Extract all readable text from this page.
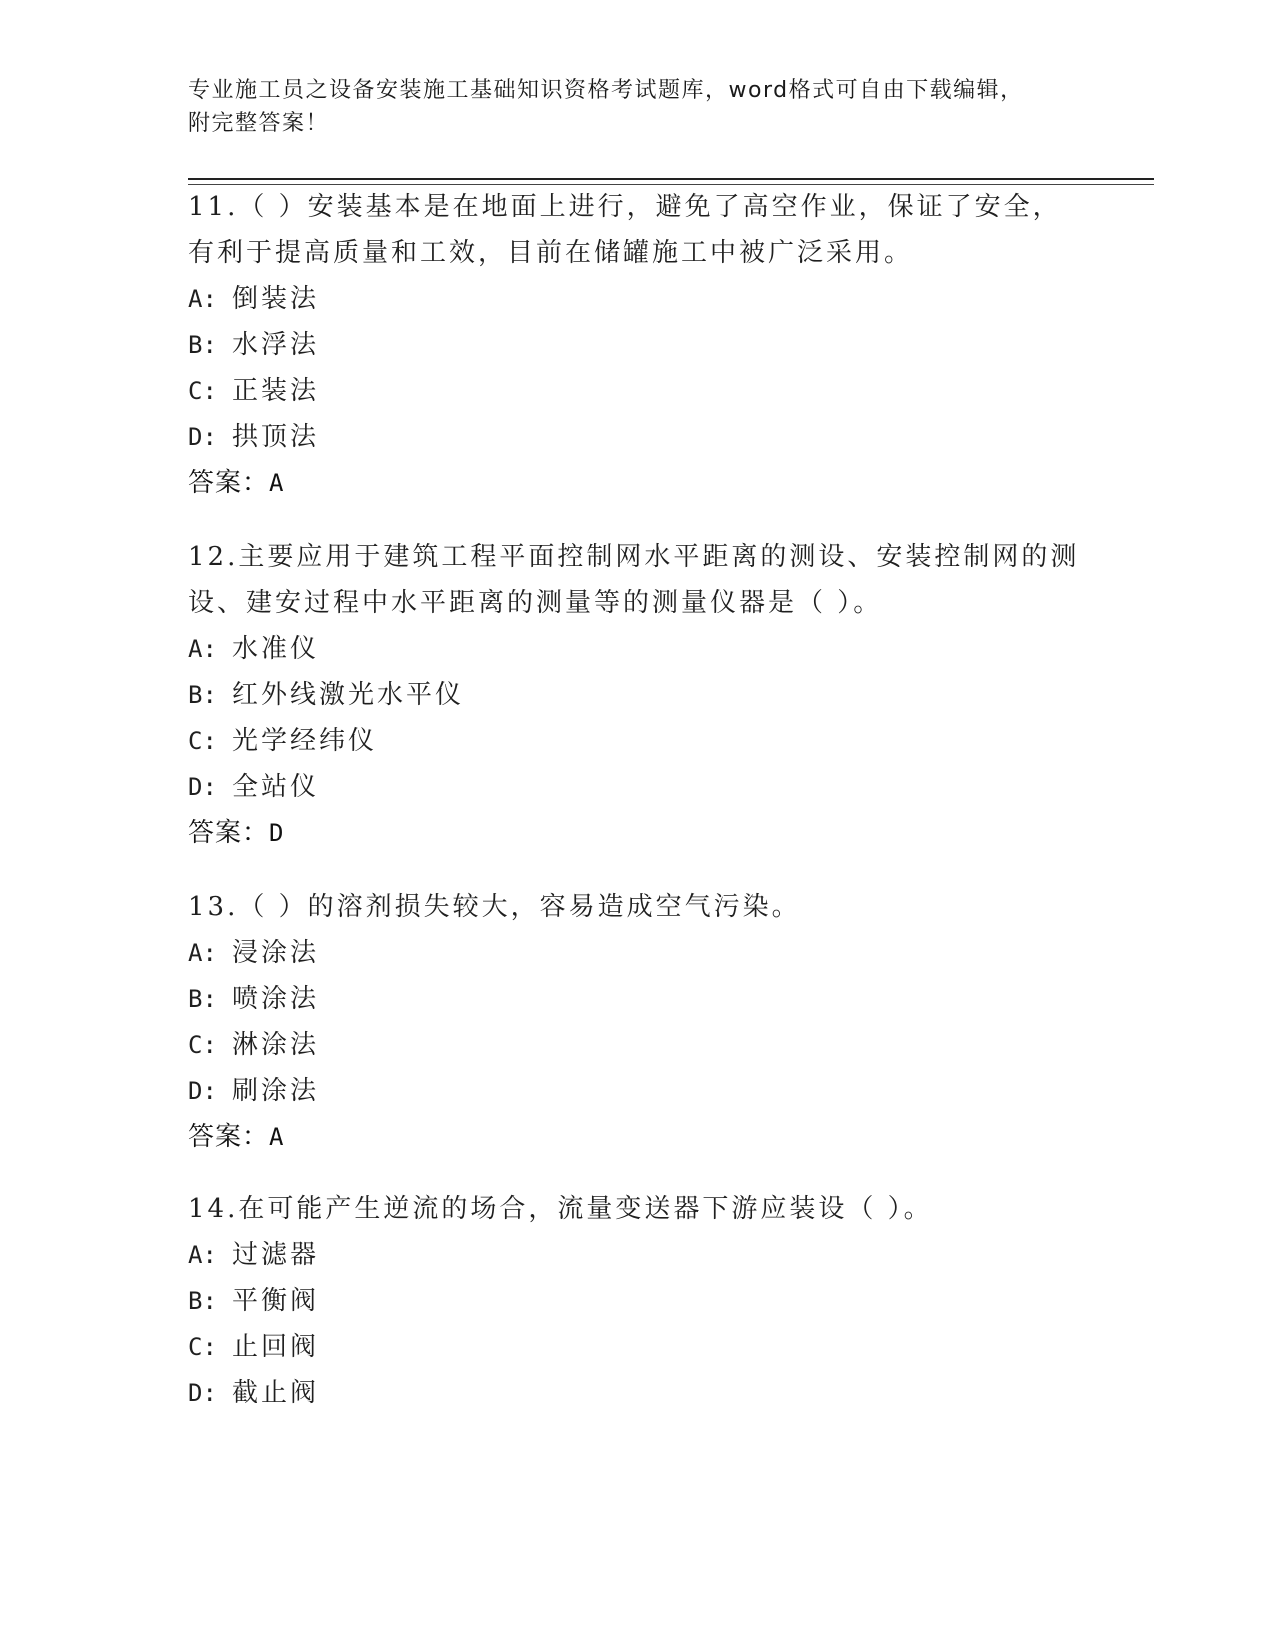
专业施工员之设备安装施工基础知识资格考试题库，word格式可自由下载编辑，
附完整答案！
11.（ ）安装基本是在地面上进行，避免了高空作业，保证了安全，
有利于提高质量和工效，目前在储罐施工中被广泛采用。
A: 倒装法
B: 水浮法
C: 正装法
D: 拱顶法
答案：A
12.主要应用于建筑工程平面控制网水平距离的测设、安装控制网的测
设、建安过程中水平距离的测量等的测量仪器是（ ）。
A: 水准仪
B: 红外线激光水平仪
C: 光学经纬仪
D: 全站仪
答案：D
13.（ ）的溶剂损失较大，容易造成空气污染。
A: 浸涂法
B: 喷涂法
C: 淋涂法
D: 刷涂法
答案：A
14.在可能产生逆流的场合，流量变送器下游应装设（ ）。
A: 过滤器
B: 平衡阀
C: 止回阀
D: 截止阀
